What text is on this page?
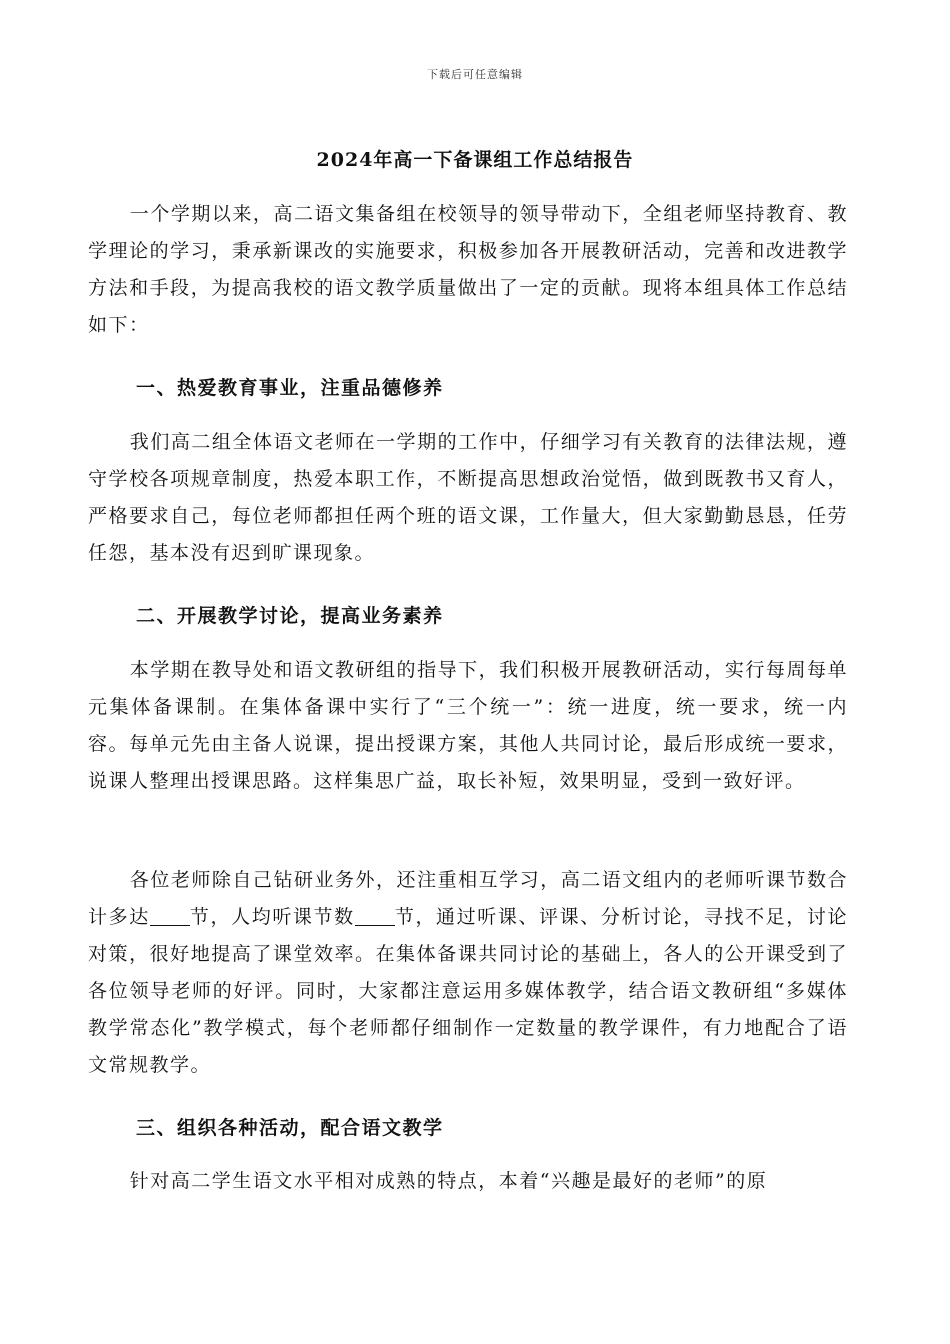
下载后可任意编辑
2024年高一下备课组工作总结报告
一个学期以来，高二语文集备组在校领导的领导带动下，全组老师坚持教育、教学理论的学习，秉承新课改的实施要求，积极参加各开展教研活动，完善和改进教学方法和手段，为提高我校的语文教学质量做出了一定的贡献。现将本组具体工作总结如下：
一、热爱教育事业，注重品德修养
我们高二组全体语文老师在一学期的工作中，仔细学习有关教育的法律法规，遵守学校各项规章制度，热爱本职工作，不断提高思想政治觉悟，做到既教书又育人，严格要求自己，每位老师都担任两个班的语文课，工作量大，但大家勤勤恳恳，任劳任怨，基本没有迟到旷课现象。
二、开展教学讨论，提高业务素养
本学期在教导处和语文教研组的指导下，我们积极开展教研活动，实行每周每单元集体备课制。在集体备课中实行了“三个统一”：统一进度，统一要求，统一内容。每单元先由主备人说课，提出授课方案，其他人共同讨论，最后形成统一要求，说课人整理出授课思路。这样集思广益，取长补短，效果明显，受到一致好评。
各位老师除自己钻研业务外，还注重相互学习，高二语文组内的老师听课节数合计多达 节，人均听课节数 节，通过听课、评课、分析讨论，寻找不足，讨论对策，很好地提高了课堂效率。在集体备课共同讨论的基础上，各人的公开课受到了各位领导老师的好评。同时，大家都注意运用多媒体教学，结合语文教研组“多媒体教学常态化”教学模式，每个老师都仔细制作一定数量的教学课件，有力地配合了语文常规教学。
三、组织各种活动，配合语文教学
针对高二学生语文水平相对成熟的特点，本着“兴趣是最好的老师”的原
